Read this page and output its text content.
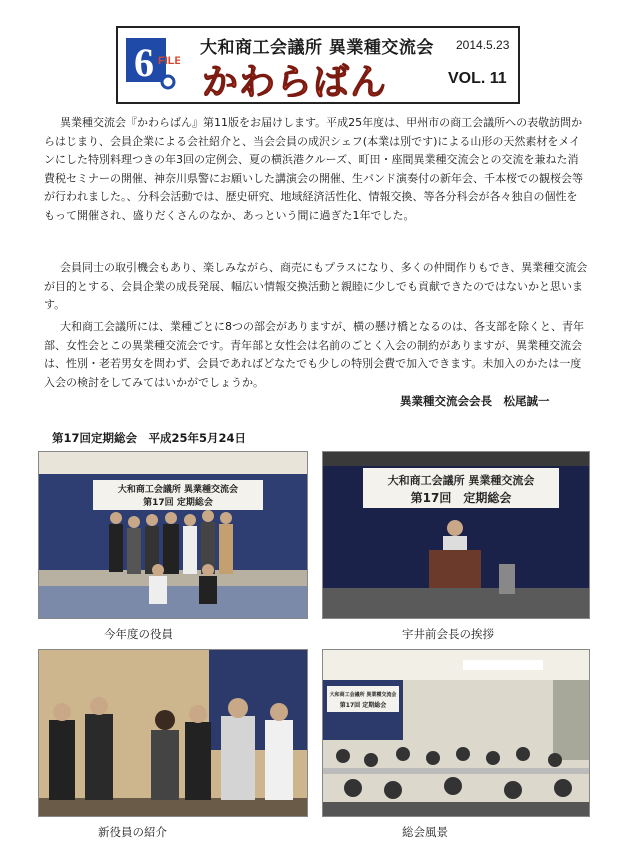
6 FILE
大和商工会議所 異業種交流会 2014.5.23
かわらばん	VOL. 11

異業種交流会『かわらばん』第11版をお届けします。平成25年度は、甲州市の商工会議所への表敬訪問からはじまり、会員企業による会社紹介と、当会会員の成沢シェフ(本業は別です)による山形の天然素材をメインにした特別料理つきの年3回の定例会、夏の横浜港クルーズ、町田・座間異業種交流会との交流を兼ねた消費税セミナーの開催、神奈川県警にお願いした講演会の開催、生バンド演奏付の新年会、千本桜での観桜会等が行われました。、分科会活動では、歴史研究、地域経済活性化、情報交換、等各分科会が各々独自の個性をもって開催され、盛りだくさんのなか、あっという間に過ぎた1年でした。

会員同士の取引機会もあり、楽しみながら、商売にもプラスになり、多くの仲間作りもでき、異業種交流会が目的とする、会員企業の成長発展、幅広い情報交換活動と親睦に少しでも貢献できたのではないかと思います。

大和商工会議所には、業種ごとに8つの部会がありますが、横の懸け橋となるのは、各支部を除くと、青年部、女性会とこの異業種交流会です。青年部と女性会は名前のごとく入会の制約がありますが、異業種交流会は、性別・老若男女を問わず、会員であればどなたでも少しの特別会費で加入できます。未加入のかたは一度入会の検討をしてみてはいかがでしょうか。

異業種交流会会長　松尾誠一
第17回定期総会　平成25年5月24日
大和商工会議所 異業種交流会
第17回 定期総会
大和商工会議所 異業種交流会
第17回　定期総会
大和商工会議所 異業種交流会
第17回 定期総会
今年度の役員	宇井前会長の挨拶
新役員の紹介	総会風景
